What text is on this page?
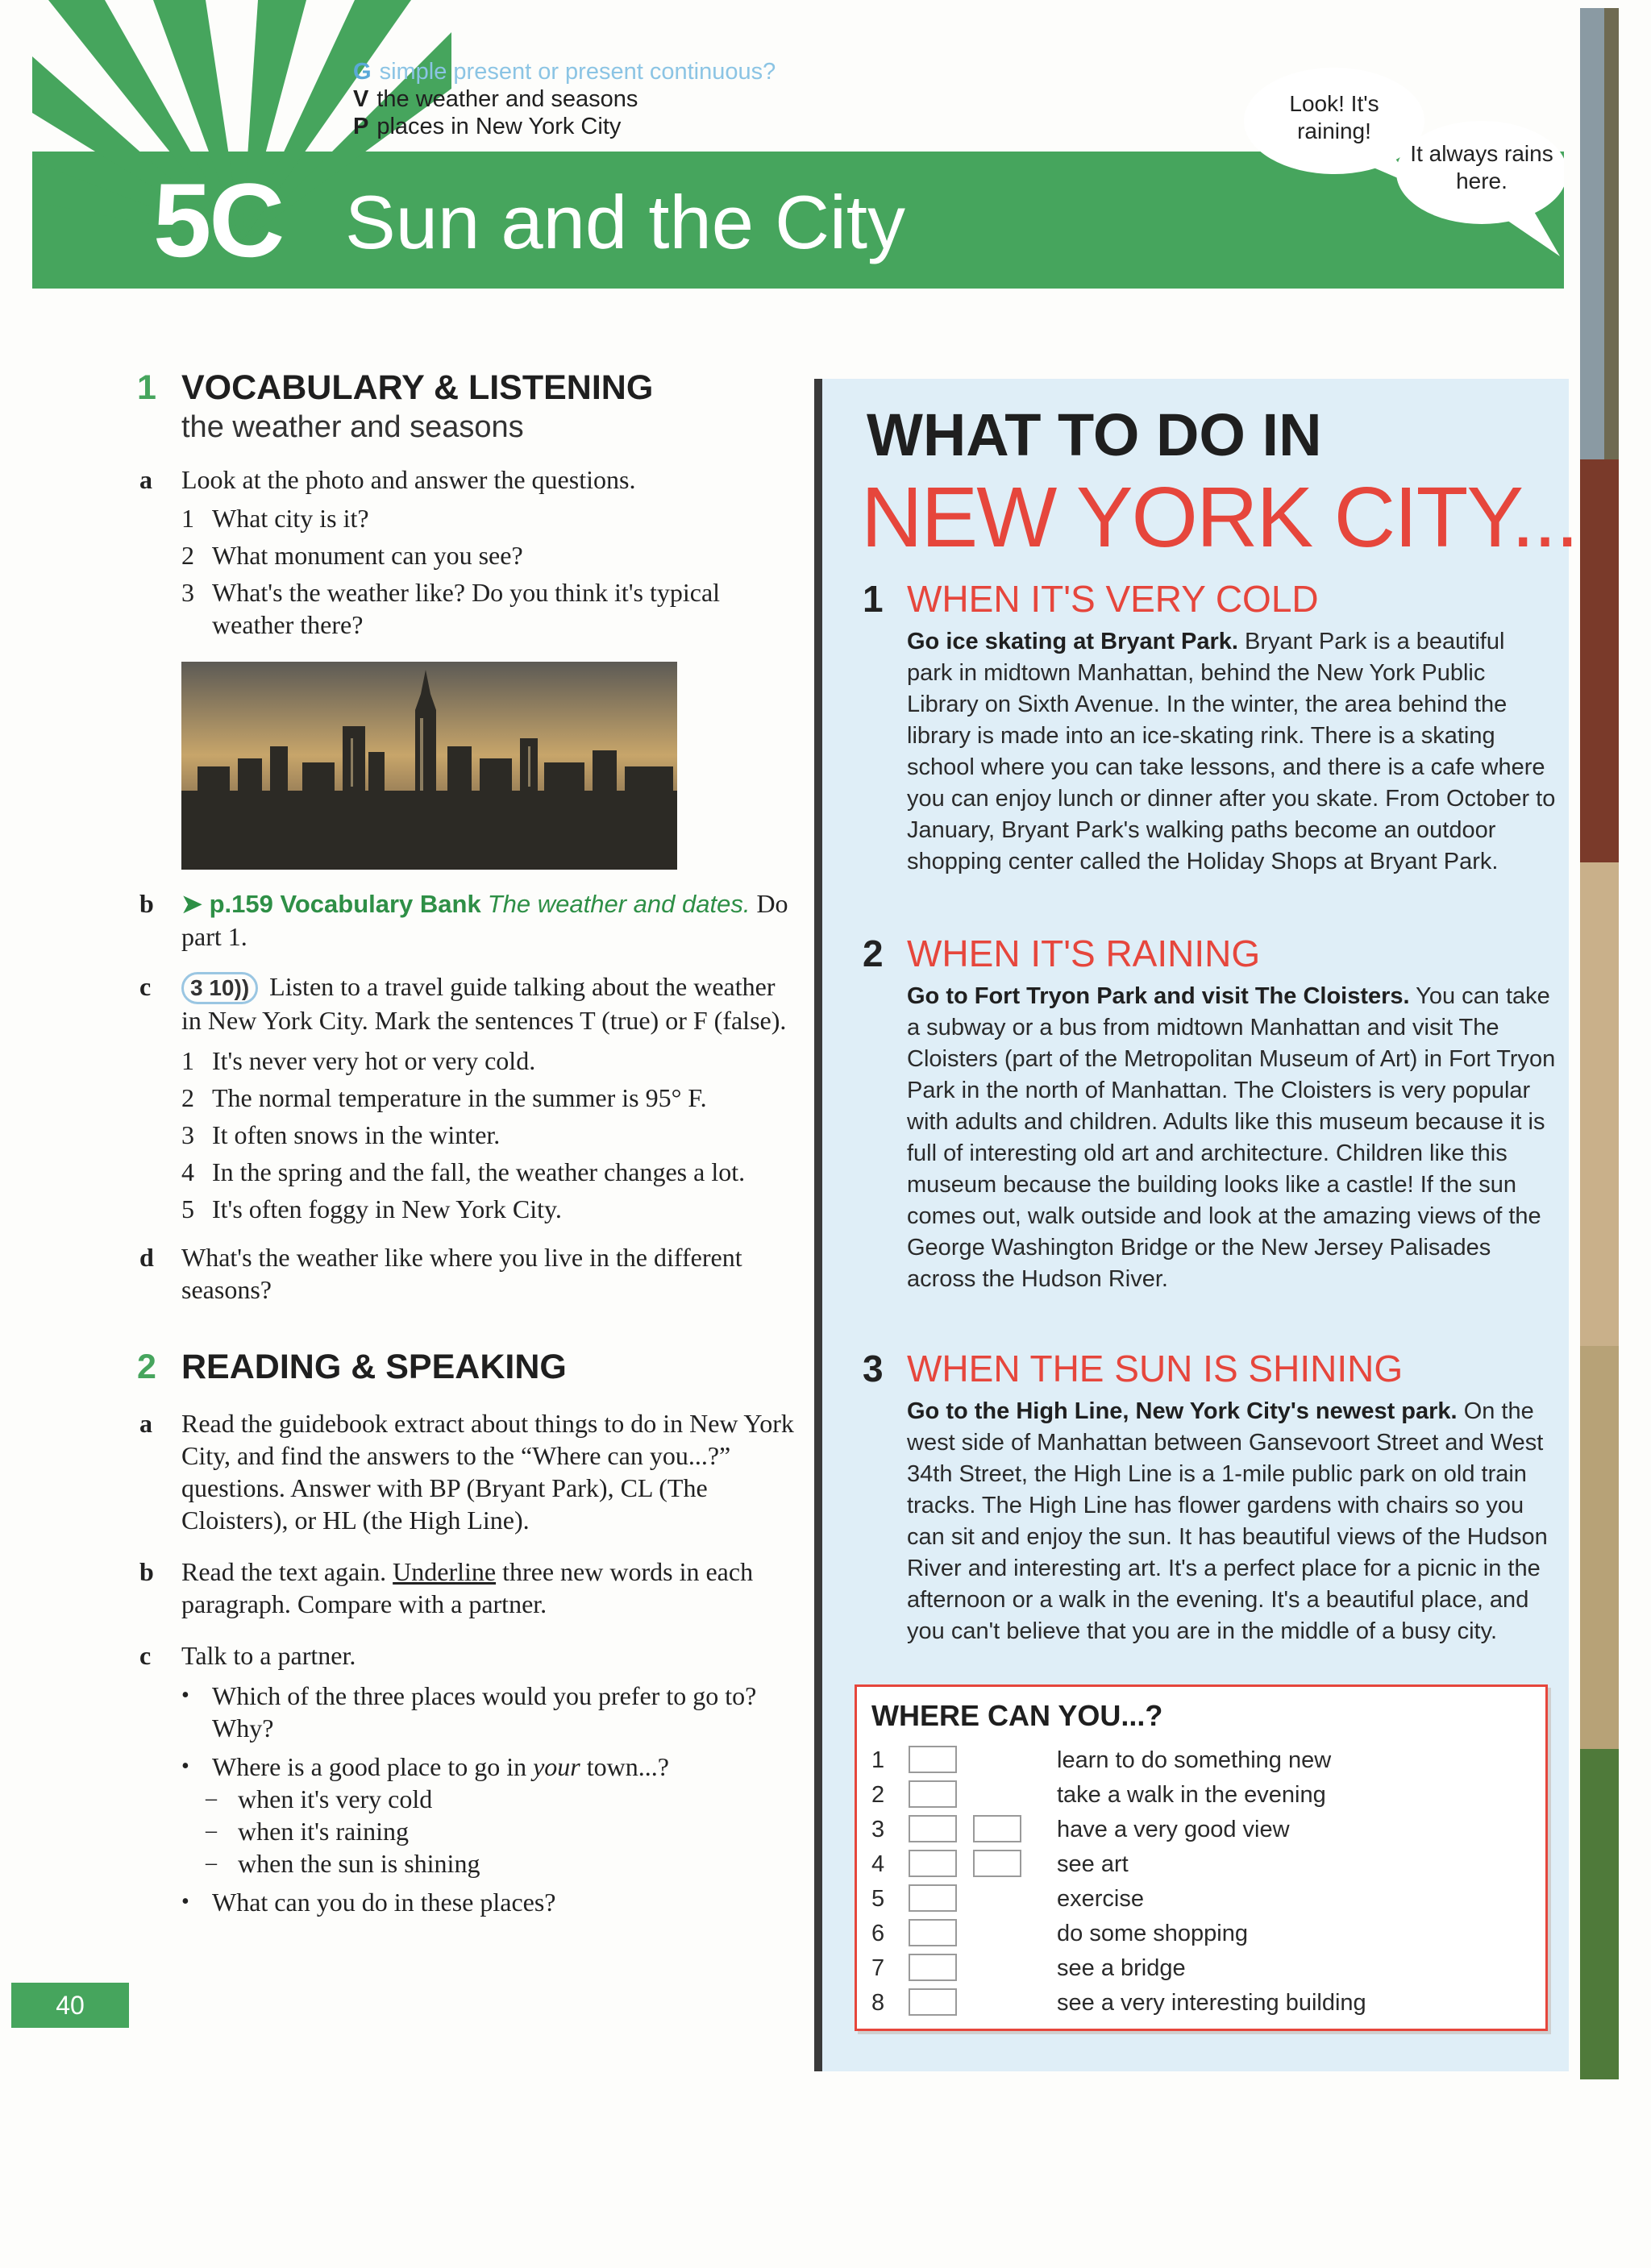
G simple present or present continuous?
V the weather and seasons
P places in New York City
5C Sun and the City
Look! It's raining!
It always rains here.
1 VOCABULARY & LISTENING
the weather and seasons
a Look at the photo and answer the questions.
1 What city is it?
2 What monument can you see?
3 What's the weather like? Do you think it's typical weather there?
b ➤ p.159 Vocabulary Bank The weather and dates. Do part 1.
c	3 10)) Listen to a travel guide talking about the weather in New York City. Mark the sentences T (true) or F (false).
1 It's never very hot or very cold.
2 The normal temperature in the summer is 95° F.
3 It often snows in the winter.
4 In the spring and the fall, the weather changes a lot.
5 It's often foggy in New York City.
d What's the weather like where you live in the different seasons?
2 READING & SPEAKING
a Read the guidebook extract about things to do in New York City, and find the answers to the “Where can you...?” questions. Answer with BP (Bryant Park), CL (The Cloisters), or HL (the High Line).
b Read the text again. Underline three new words in each paragraph. Compare with a partner.
c Talk to a partner.
• Which of the three places would you prefer to go to? Why?
• Where is a good place to go in your town...?
– when it's very cold
– when it's raining
– when the sun is shining
• What can you do in these places?
40
WHAT TO DO IN
NEW YORK CITY...
1 WHEN IT'S VERY COLD
Go ice skating at Bryant Park. Bryant Park is a beautiful park in midtown Manhattan, behind the New York Public Library on Sixth Avenue. In the winter, the area behind the library is made into an ice-skating rink. There is a skating school where you can take lessons, and there is a cafe where you can enjoy lunch or dinner after you skate. From October to January, Bryant Park's walking paths become an outdoor shopping center called the Holiday Shops at Bryant Park.
2 WHEN IT'S RAINING
Go to Fort Tryon Park and visit The Cloisters. You can take a subway or a bus from midtown Manhattan and visit The Cloisters (part of the Metropolitan Museum of Art) in Fort Tryon Park in the north of Manhattan. The Cloisters is very popular with adults and children. Adults like this museum because it is full of interesting old art and architecture. Children like this museum because the building looks like a castle! If the sun comes out, walk outside and look at the amazing views of the George Washington Bridge or the New Jersey Palisades across the Hudson River.
3 WHEN THE SUN IS SHINING
Go to the High Line, New York City's newest park. On the west side of Manhattan between Gansevoort Street and West 34th Street, the High Line is a 1-mile public park on old train tracks. The High Line has flower gardens with chairs so you can sit and enjoy the sun. It has beautiful views of the Hudson River and interesting art. It's a perfect place for a picnic in the afternoon or a walk in the evening. It's a beautiful place, and you can't believe that you are in the middle of a busy city.
WHERE CAN YOU...?
1	learn to do something new
2	take a walk in the evening
3	have a very good view
4	see art
5	exercise
6	do some shopping
7	see a bridge
8	see a very interesting building
